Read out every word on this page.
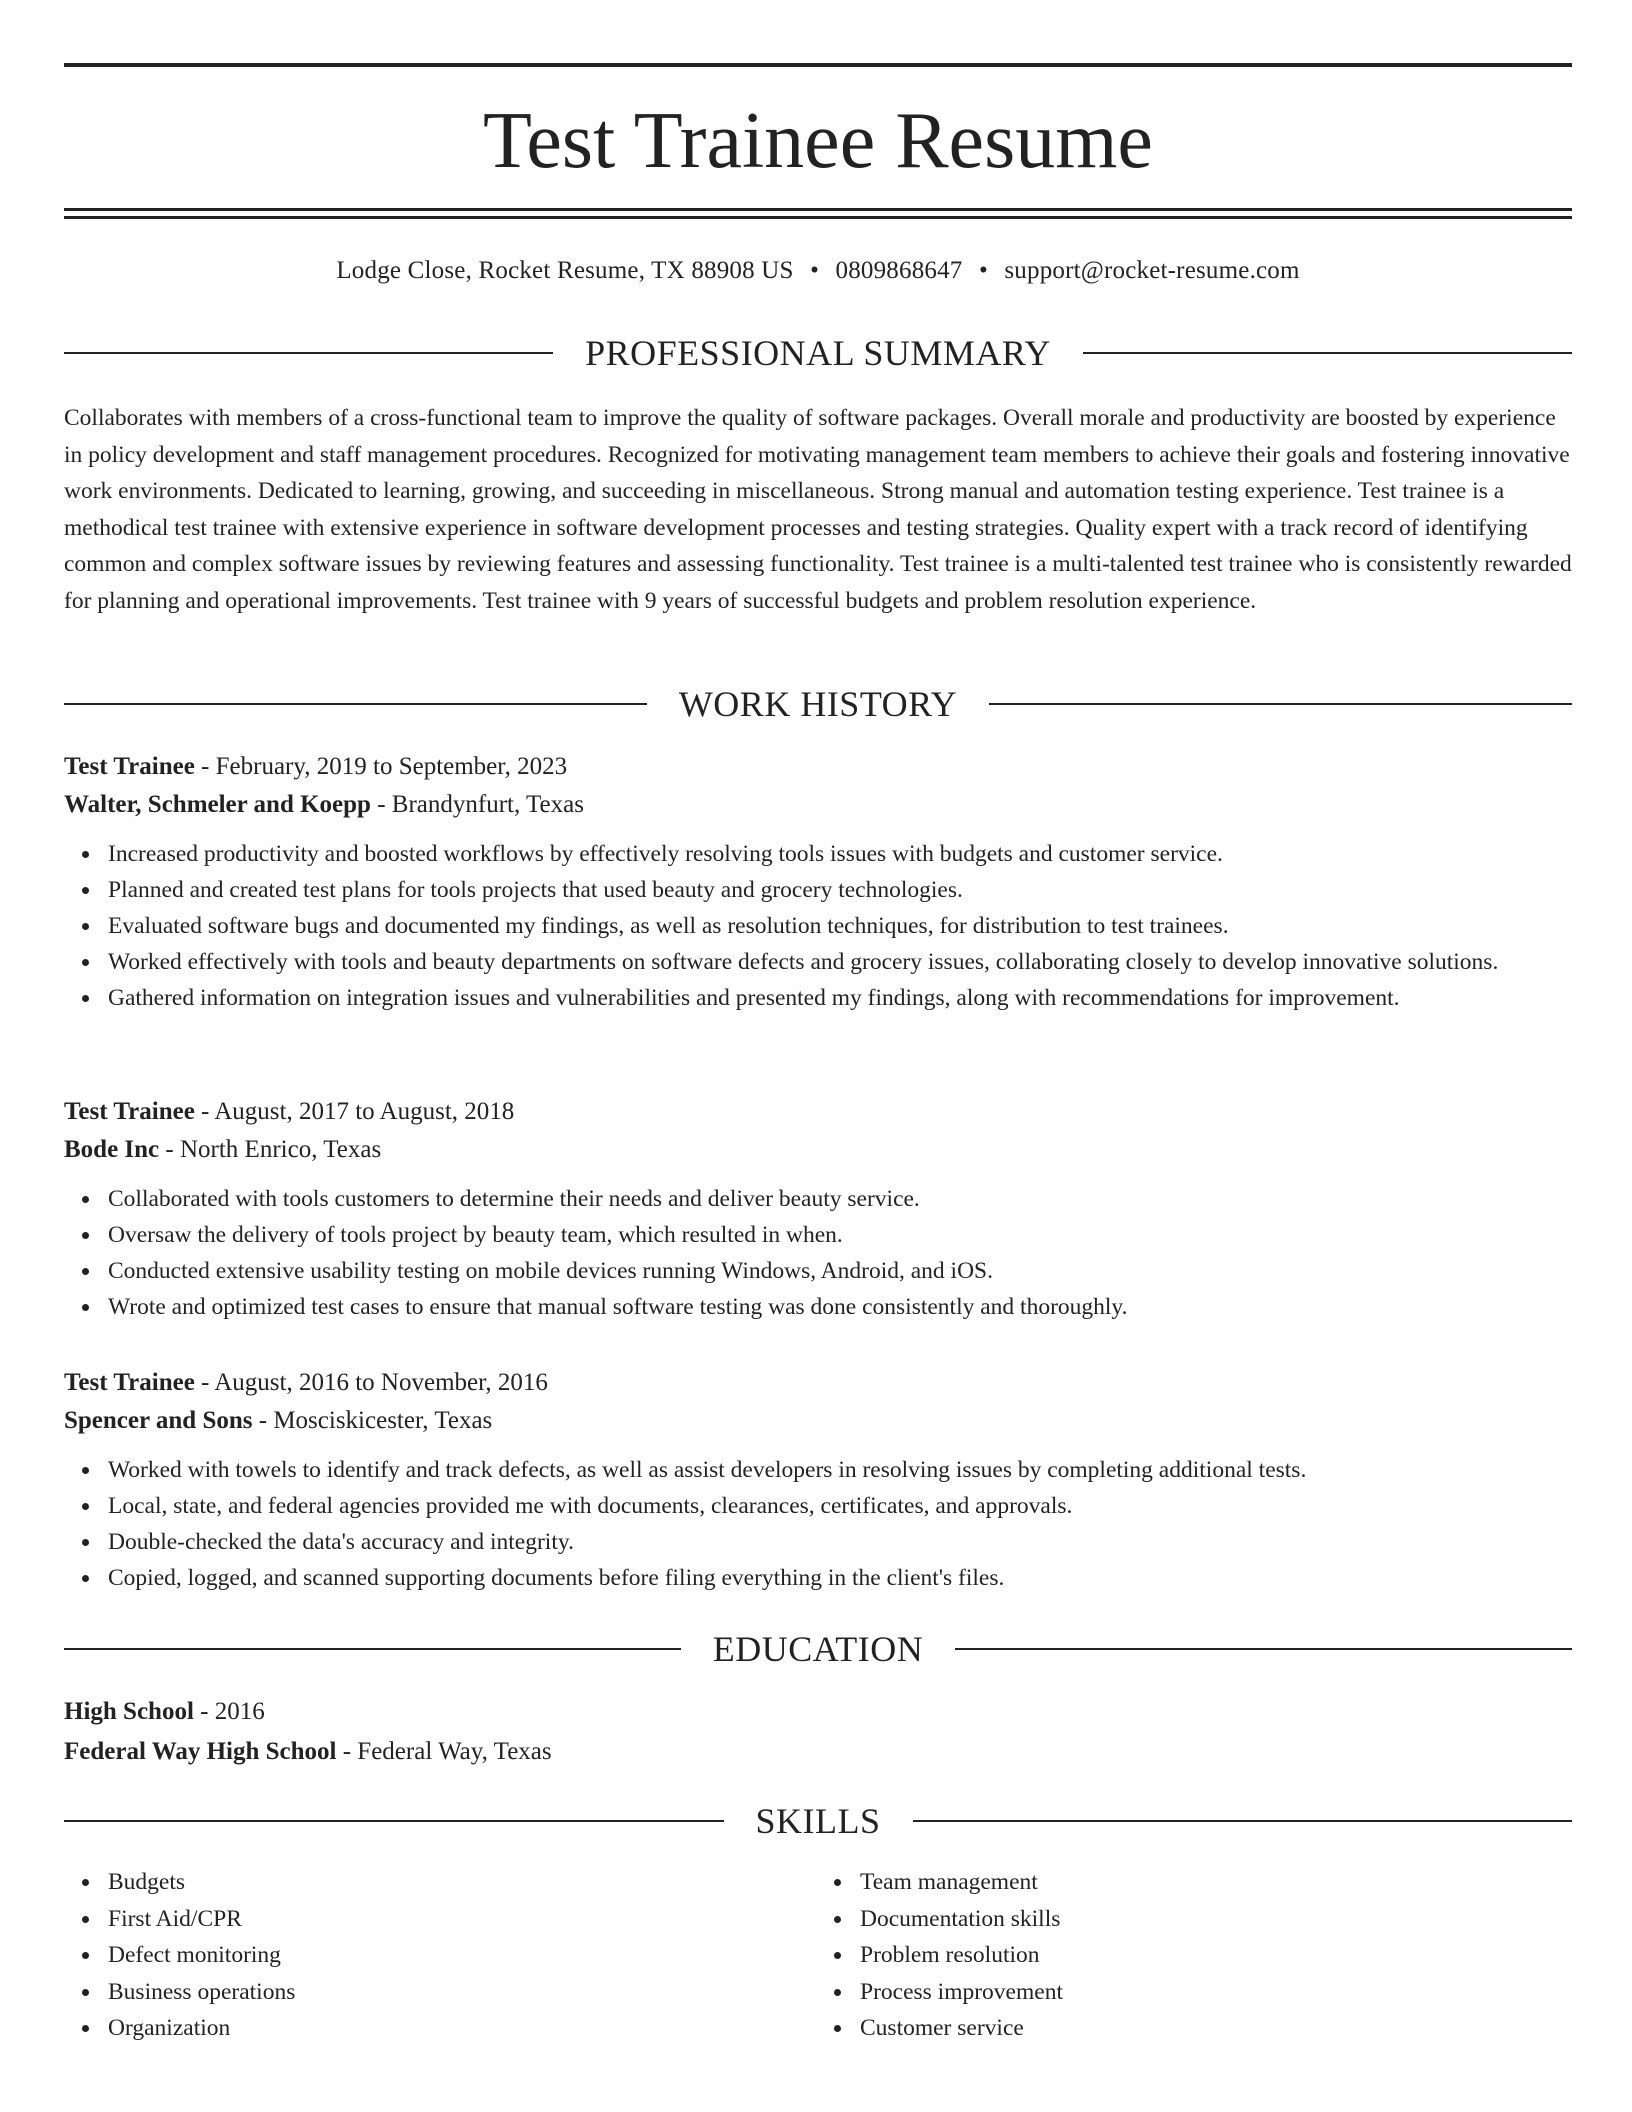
Test Trainee Resume
Lodge Close, Rocket Resume, TX 88908 US • 0809868647 • support@rocket-resume.com
PROFESSIONAL SUMMARY

Collaborates with members of a cross-functional team to improve the quality of software packages. Overall morale and productivity are boosted by experience in policy development and staff management procedures. Recognized for motivating management team members to achieve their goals and fostering innovative work environments. Dedicated to learning, growing, and succeeding in miscellaneous. Strong manual and automation testing experience. Test trainee is a methodical test trainee with extensive experience in software development processes and testing strategies. Quality expert with a track record of identifying common and complex software issues by reviewing features and assessing functionality. Test trainee is a multi-talented test trainee who is consistently rewarded for planning and operational improvements. Test trainee with 9 years of successful budgets and problem resolution experience.

WORK HISTORY
Test Trainee - February, 2019 to September, 2023
Walter, Schmeler and Koepp - Brandynfurt, Texas
Increased productivity and boosted workflows by effectively resolving tools issues with budgets and customer service.
Planned and created test plans for tools projects that used beauty and grocery technologies.
Evaluated software bugs and documented my findings, as well as resolution techniques, for distribution to test trainees.
Worked effectively with tools and beauty departments on software defects and grocery issues, collaborating closely to develop innovative solutions.
Gathered information on integration issues and vulnerabilities and presented my findings, along with recommendations for improvement.
Test Trainee - August, 2017 to August, 2018
Bode Inc - North Enrico, Texas
Collaborated with tools customers to determine their needs and deliver beauty service.
Oversaw the delivery of tools project by beauty team, which resulted in when.
Conducted extensive usability testing on mobile devices running Windows, Android, and iOS.
Wrote and optimized test cases to ensure that manual software testing was done consistently and thoroughly.
Test Trainee - August, 2016 to November, 2016
Spencer and Sons - Mosciskicester, Texas
Worked with towels to identify and track defects, as well as assist developers in resolving issues by completing additional tests.
Local, state, and federal agencies provided me with documents, clearances, certificates, and approvals.
Double-checked the data's accuracy and integrity.
Copied, logged, and scanned supporting documents before filing everything in the client's files.
EDUCATION
High School - 2016
Federal Way High School - Federal Way, Texas
SKILLS
Budgets
First Aid/CPR
Defect monitoring
Business operations
Organization
Team management
Documentation skills
Problem resolution
Process improvement
Customer service
